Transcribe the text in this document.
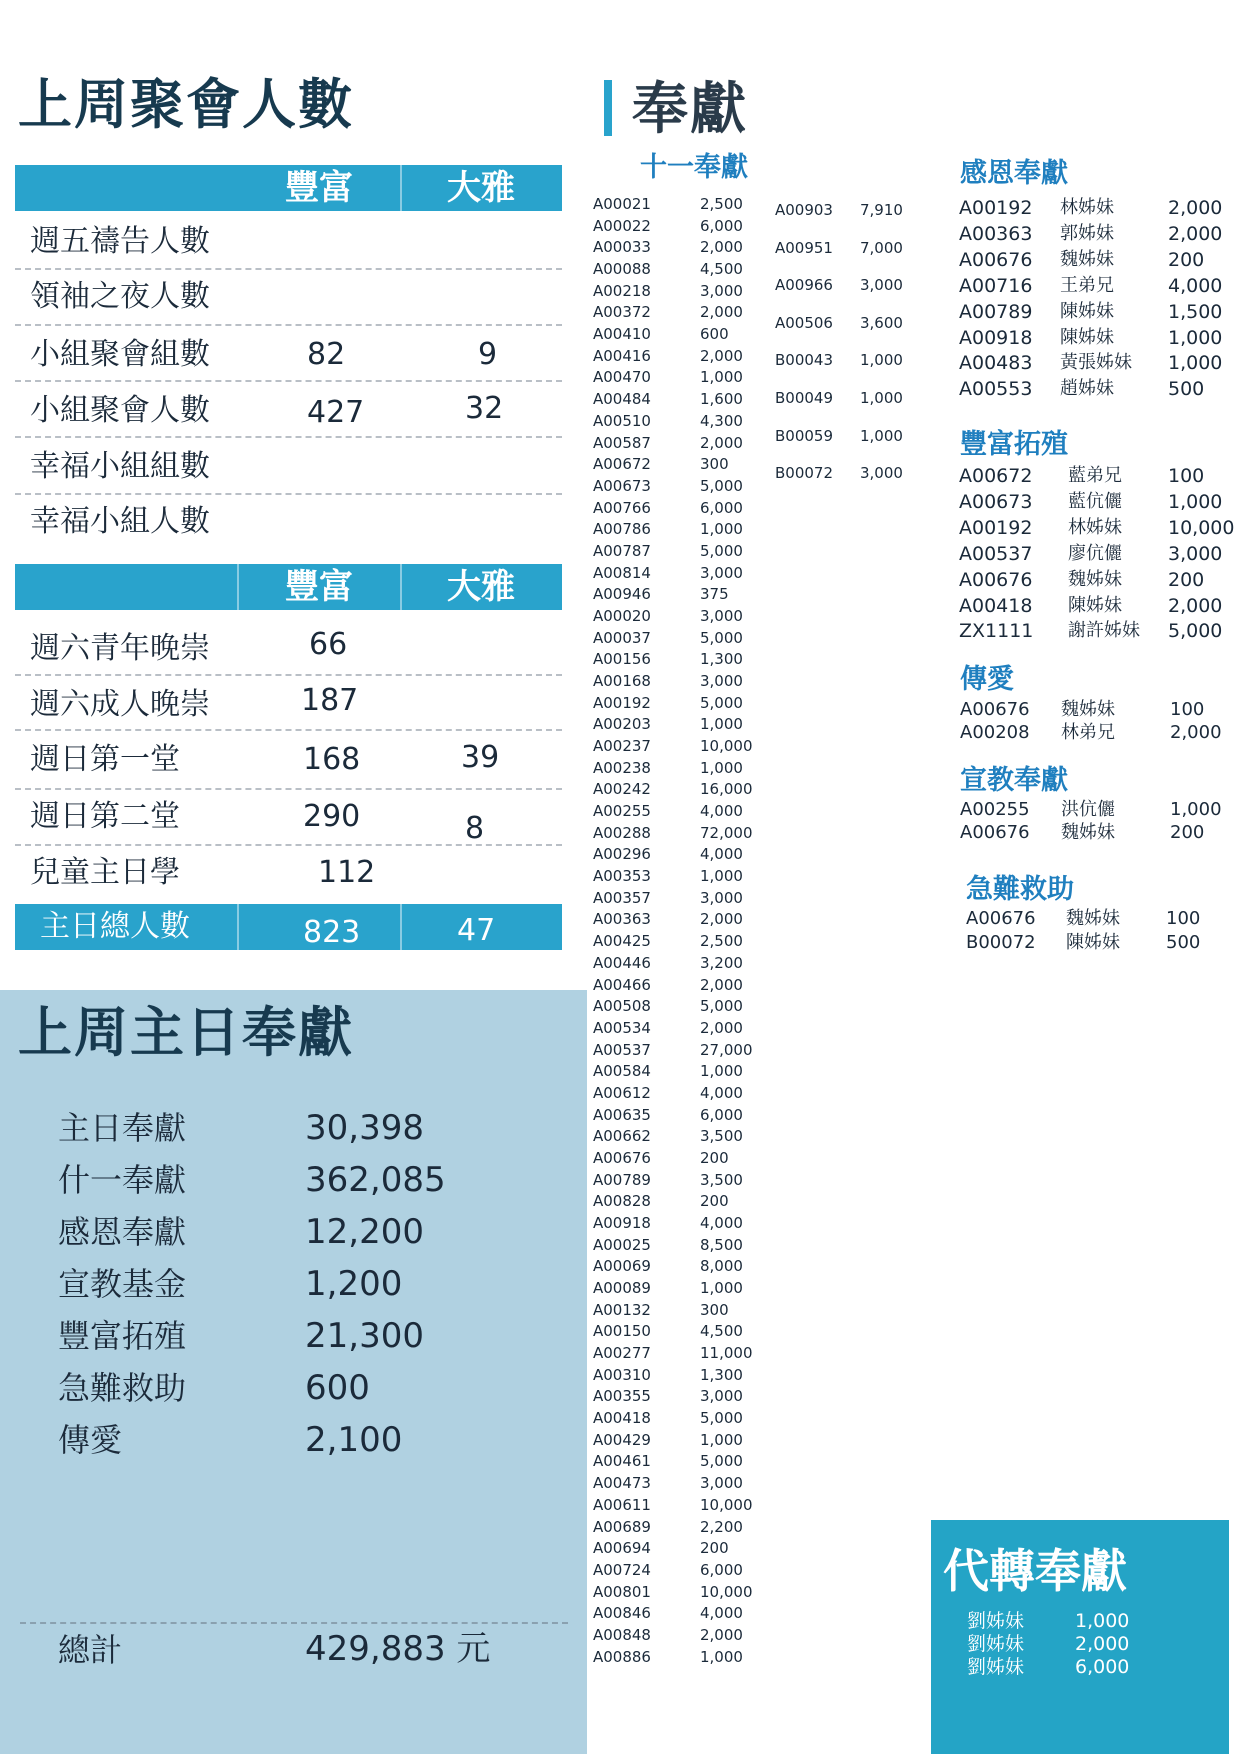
上周聚會人數
豐富	大雅
週五禱告人數
領袖之夜人數
小組聚會組數	82	9
小組聚會人數	427	32
幸福小組組數
幸福小組人數
豐富	大雅
週六青年晚崇	66
週六成人晚崇	187
週日第一堂	168	39
週日第二堂	290	8
兒童主日學	112
主日總人數	823	47
上周主日奉獻
主日奉獻	30,398
什一奉獻	362,085
感恩奉獻	12,200
宣教基金	1,200
豐富拓殖	21,300
急難救助	600
傳愛	2,100
總計	429,883 元
奉獻
十一奉獻
A00021	2,500
A00022	6,000
A00033	2,000
A00088	4,500
A00218	3,000
A00372	2,000
A00410	600
A00416	2,000
A00470	1,000
A00484	1,600
A00510	4,300
A00587	2,000
A00672	300
A00673	5,000
A00766	6,000
A00786	1,000
A00787	5,000
A00814	3,000
A00946	375
A00020	3,000
A00037	5,000
A00156	1,300
A00168	3,000
A00192	5,000
A00203	1,000
A00237	10,000
A00238	1,000
A00242	16,000
A00255	4,000
A00288	72,000
A00296	4,000
A00353	1,000
A00357	3,000
A00363	2,000
A00425	2,500
A00446	3,200
A00466	2,000
A00508	5,000
A00534	2,000
A00537	27,000
A00584	1,000
A00612	4,000
A00635	6,000
A00662	3,500
A00676	200
A00789	3,500
A00828	200
A00918	4,000
A00025	8,500
A00069	8,000
A00089	1,000
A00132	300
A00150	4,500
A00277	11,000
A00310	1,300
A00355	3,000
A00418	5,000
A00429	1,000
A00461	5,000
A00473	3,000
A00611	10,000
A00689	2,200
A00694	200
A00724	6,000
A00801	10,000
A00846	4,000
A00848	2,000
A00886	1,000
A00903 7,910
A00951 7,000
A00966 3,000
A00506 3,600
B00043 1,000
B00049 1,000
B00059 1,000
B00072 3,000
感恩奉獻
A00192 林姊妹	2,000
A00363 郭姊妹	2,000
A00676 魏姊妹	200
A00716 王弟兄	4,000
A00789 陳姊妹	1,500
A00918 陳姊妹	1,000
A00483 黃張姊妹 1,000
A00553 趙姊妹	500
豐富拓殖
A00672 藍弟兄 100
A00673 藍伉儷 1,000
A00192 林姊妹 10,000
A00537 廖伉儷 3,000
A00676 魏姊妹 200
A00418 陳姊妹 2,000
ZX1111 謝許姊妹 5,000
傳愛
A00676 魏姊妹	100
A00208 林弟兄	2,000
宣教奉獻
A00255 洪伉儷	1,000
A00676 魏姊妹	200
急難救助
A00676 魏姊妹	100
B00072 陳姊妹	500
代轉奉獻
劉姊妹	1,000
劉姊妹	2,000
劉姊妹	6,000
